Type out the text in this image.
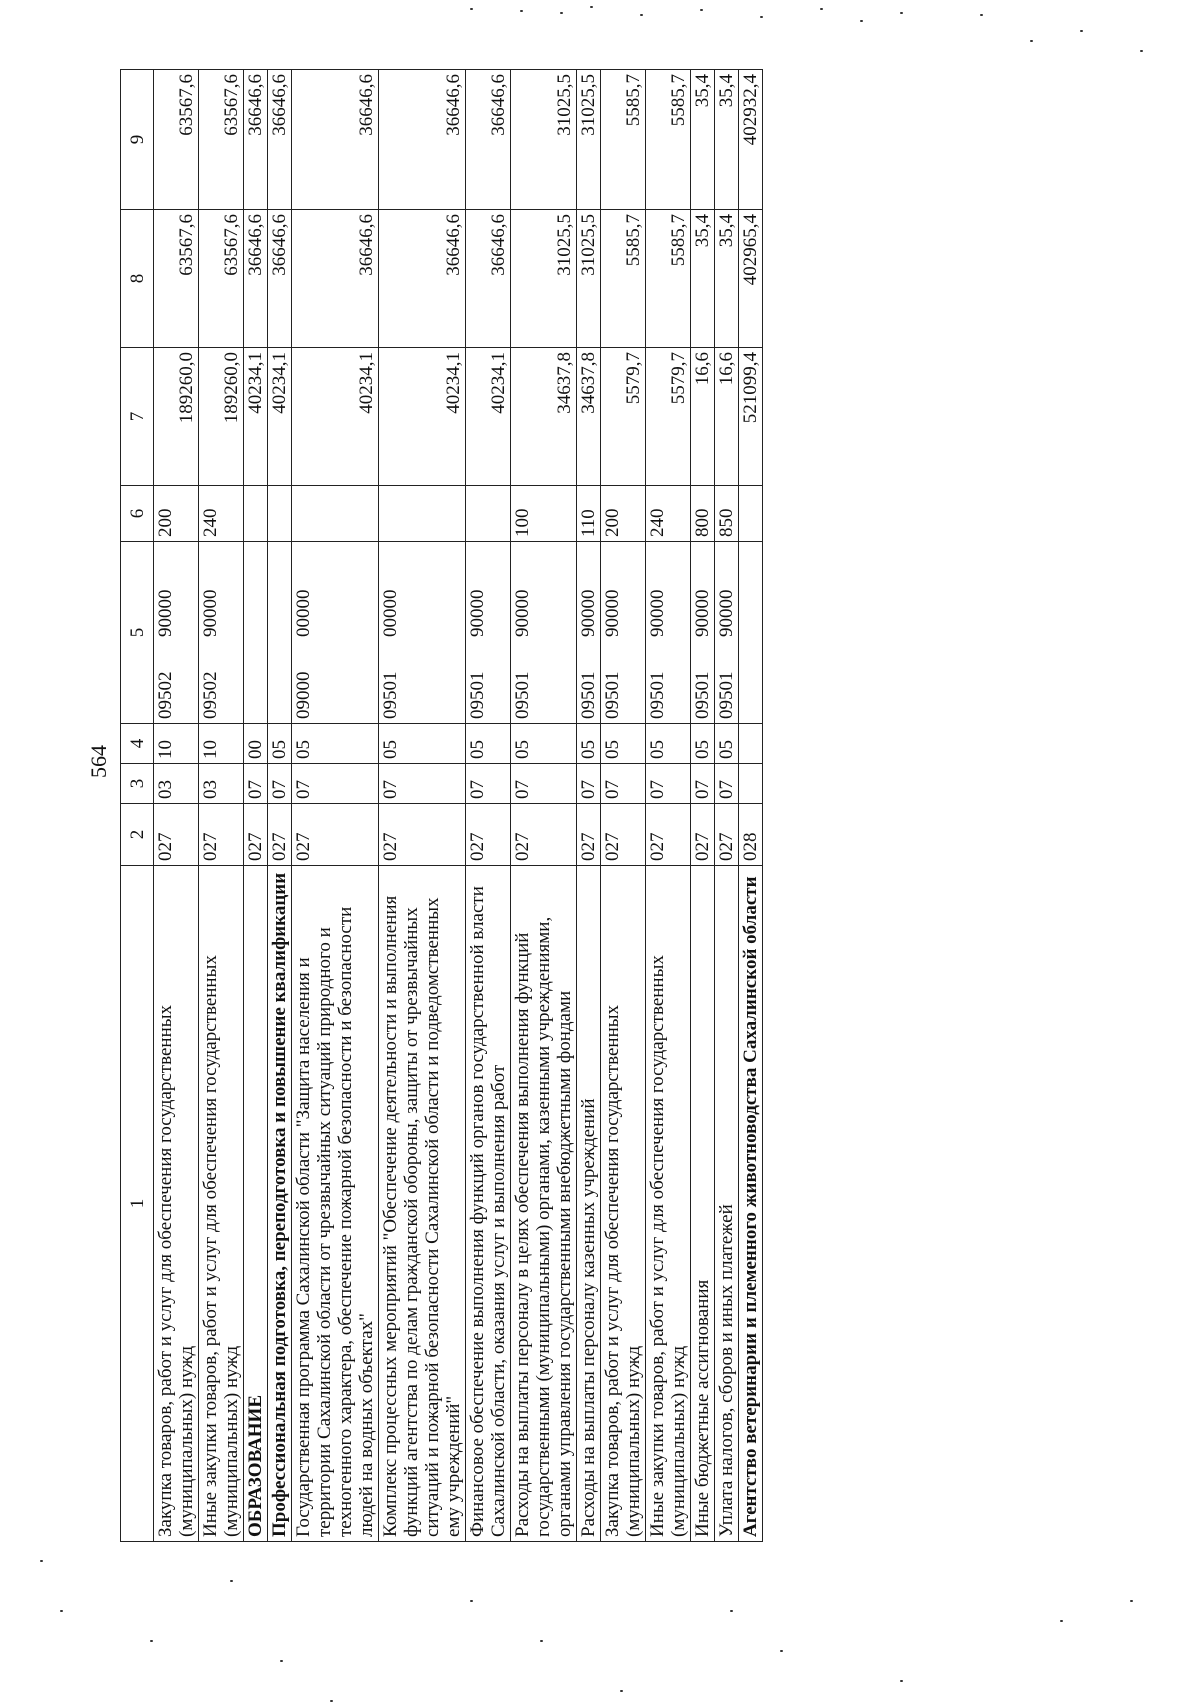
564
1	2	3	4	5	6	7	8	9
Закупка товаров, работ и услуг для обеспечения государственных (муниципальных) нужд	027	03	10	0950290000	200	189260,0	63567,6	63567,6
Иные закупки товаров, работ и услуг для обеспечения государственных (муниципальных) нужд	027	03	10	0950290000	240	189260,0	63567,6	63567,6
ОБРАЗОВАНИЕ	027	07	00			40234,1	36646,6	36646,6
Профессиональная подготовка, переподготовка и повышение квалификации	027	07	05			40234,1	36646,6	36646,6
Государственная программа Сахалинской области "Защита населения и территории Сахалинской области от чрезвычайных ситуаций природного и техногенного характера, обеспечение пожарной безопасности и безопасности людей на водных объектах"	027	07	05	0900000000		40234,1	36646,6	36646,6
Комплекс процессных мероприятий "Обеспечение деятельности и выполнения функций агентства по делам гражданской обороны, защиты от чрезвычайных ситуаций и пожарной безопасности Сахалинской области и подведомственных ему учреждений"	027	07	05	0950100000		40234,1	36646,6	36646,6
Финансовое обеспечение выполнения функций органов государственной власти Сахалинской области, оказания услуг и выполнения работ	027	07	05	0950190000		40234,1	36646,6	36646,6
Расходы на выплаты персоналу в целях обеспечения выполнения функций государственными (муниципальными) органами, казенными учреждениями, органами управления государственными внебюджетными фондами	027	07	05	0950190000	100	34637,8	31025,5	31025,5
Расходы на выплаты персоналу казенных учреждений	027	07	05	0950190000	110	34637,8	31025,5	31025,5
Закупка товаров, работ и услуг для обеспечения государственных (муниципальных) нужд	027	07	05	0950190000	200	5579,7	5585,7	5585,7
Иные закупки товаров, работ и услуг для обеспечения государственных (муниципальных) нужд	027	07	05	0950190000	240	5579,7	5585,7	5585,7
Иные бюджетные ассигнования	027	07	05	0950190000	800	16,6	35,4	35,4
Уплата налогов, сборов и иных платежей	027	07	05	0950190000	850	16,6	35,4	35,4
Агентство ветеринарии и племенного животноводства Сахалинской области	028					521099,4	402965,4	402932,4
